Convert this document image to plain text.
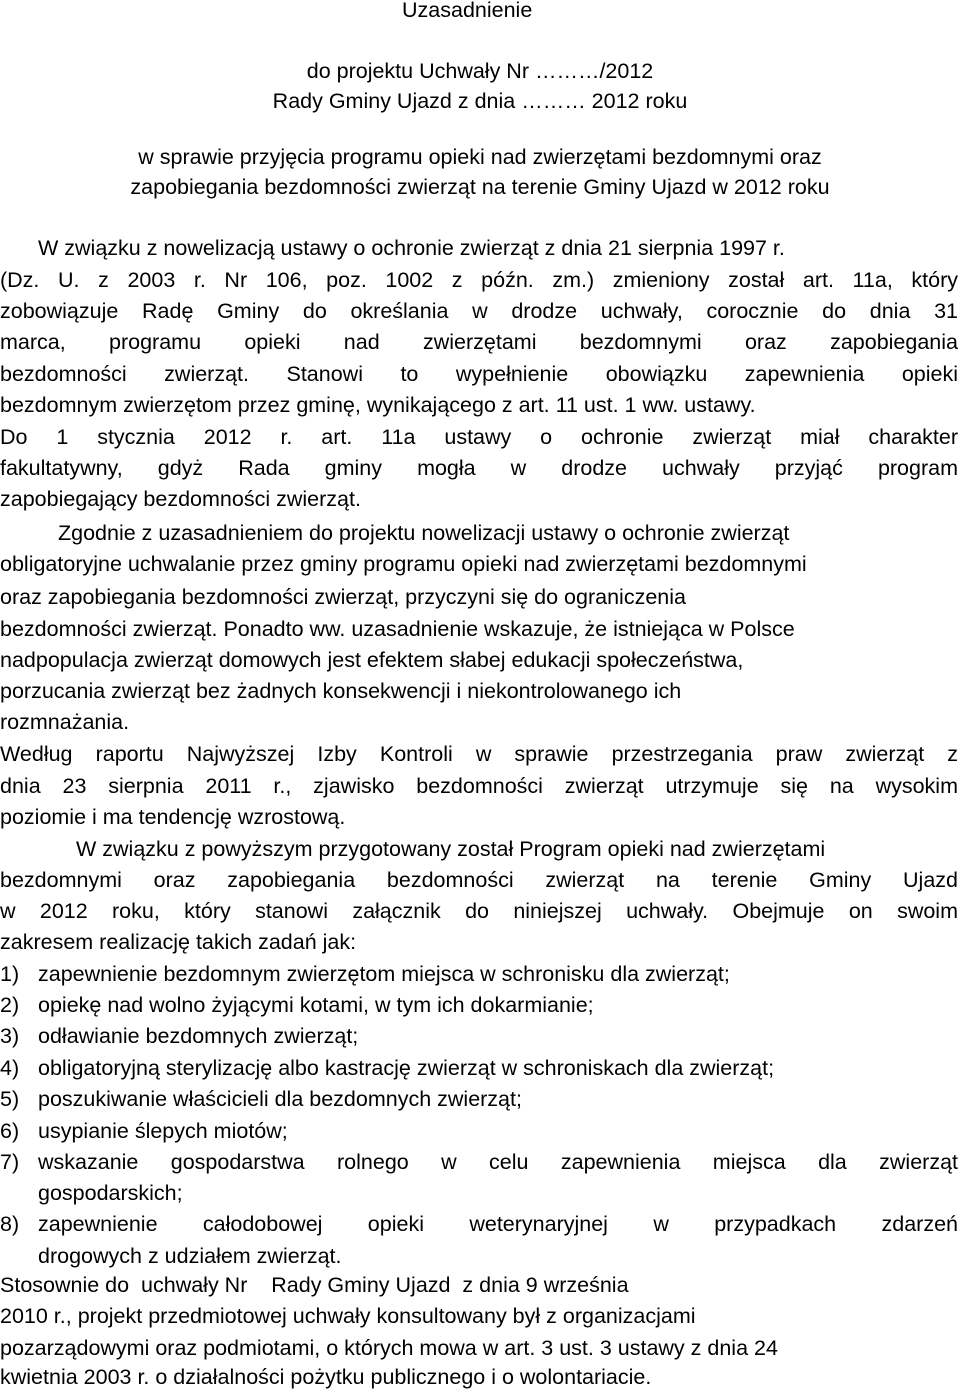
Uzasadnienie
do projektu Uchwały Nr ………/2012
Rady Gminy Ujazd z dnia ……… 2012 roku
w sprawie przyjęcia programu opieki nad zwierzętami bezdomnymi oraz
zapobiegania bezdomności zwierząt na terenie Gminy Ujazd w 2012 roku
W związku z nowelizacją ustawy o ochronie zwierząt z dnia 21 sierpnia 1997 r.
(Dz. U. z 2003 r. Nr 106, poz. 1002 z późn. zm.) zmieniony został art. 11a, który
zobowiązuje Radę Gminy do określania w drodze uchwały, corocznie do dnia 31
marca, programu opieki nad zwierzętami bezdomnymi oraz zapobiegania
bezdomności zwierząt. Stanowi to wypełnienie obowiązku zapewnienia opieki
bezdomnym zwierzętom przez gminę, wynikającego z art. 11 ust. 1 ww. ustawy.
Do 1 stycznia 2012 r. art. 11a ustawy o ochronie zwierząt miał charakter
fakultatywny, gdyż Rada gminy mogła w drodze uchwały przyjąć program
zapobiegający bezdomności zwierząt.
Zgodnie z uzasadnieniem do projektu nowelizacji ustawy o ochronie zwierząt
obligatoryjne uchwalanie przez gminy programu opieki nad zwierzętami bezdomnymi
oraz zapobiegania bezdomności zwierząt, przyczyni się do ograniczenia
bezdomności zwierząt. Ponadto ww. uzasadnienie wskazuje, że istniejąca w Polsce
nadpopulacja zwierząt domowych jest efektem słabej edukacji społeczeństwa,
porzucania zwierząt bez żadnych konsekwencji i niekontrolowanego ich
rozmnażania.
Według raportu Najwyższej Izby Kontroli w sprawie przestrzegania praw zwierząt z
dnia 23 sierpnia 2011 r., zjawisko bezdomności zwierząt utrzymuje się na wysokim
poziomie i ma tendencję wzrostową.
W związku z powyższym przygotowany został Program opieki nad zwierzętami
bezdomnymi oraz zapobiegania bezdomności zwierząt na terenie Gminy Ujazd
w 2012 roku, który stanowi załącznik do niniejszej uchwały. Obejmuje on swoim
zakresem realizację takich zadań jak:
1) zapewnienie bezdomnym zwierzętom miejsca w schronisku dla zwierząt;
2) opiekę nad wolno żyjącymi kotami, w tym ich dokarmianie;
3) odławianie bezdomnych zwierząt;
4) obligatoryjną sterylizację albo kastrację zwierząt w schroniskach dla zwierząt;
5) poszukiwanie właścicieli dla bezdomnych zwierząt;
6) usypianie ślepych miotów;
7) wskazanie gospodarstwa rolnego w celu zapewnienia miejsca dla zwierząt
gospodarskich;
8) zapewnienie całodobowej opieki weterynaryjnej w przypadkach zdarzeń
drogowych z udziałem zwierząt.
Stosownie do  uchwały Nr    Rady Gminy Ujazd  z dnia 9 września
2010 r., projekt przedmiotowej uchwały konsultowany był z organizacjami
pozarządowymi oraz podmiotami, o których mowa w art. 3 ust. 3 ustawy z dnia 24
kwietnia 2003 r. o działalności pożytku publicznego i o wolontariacie.
